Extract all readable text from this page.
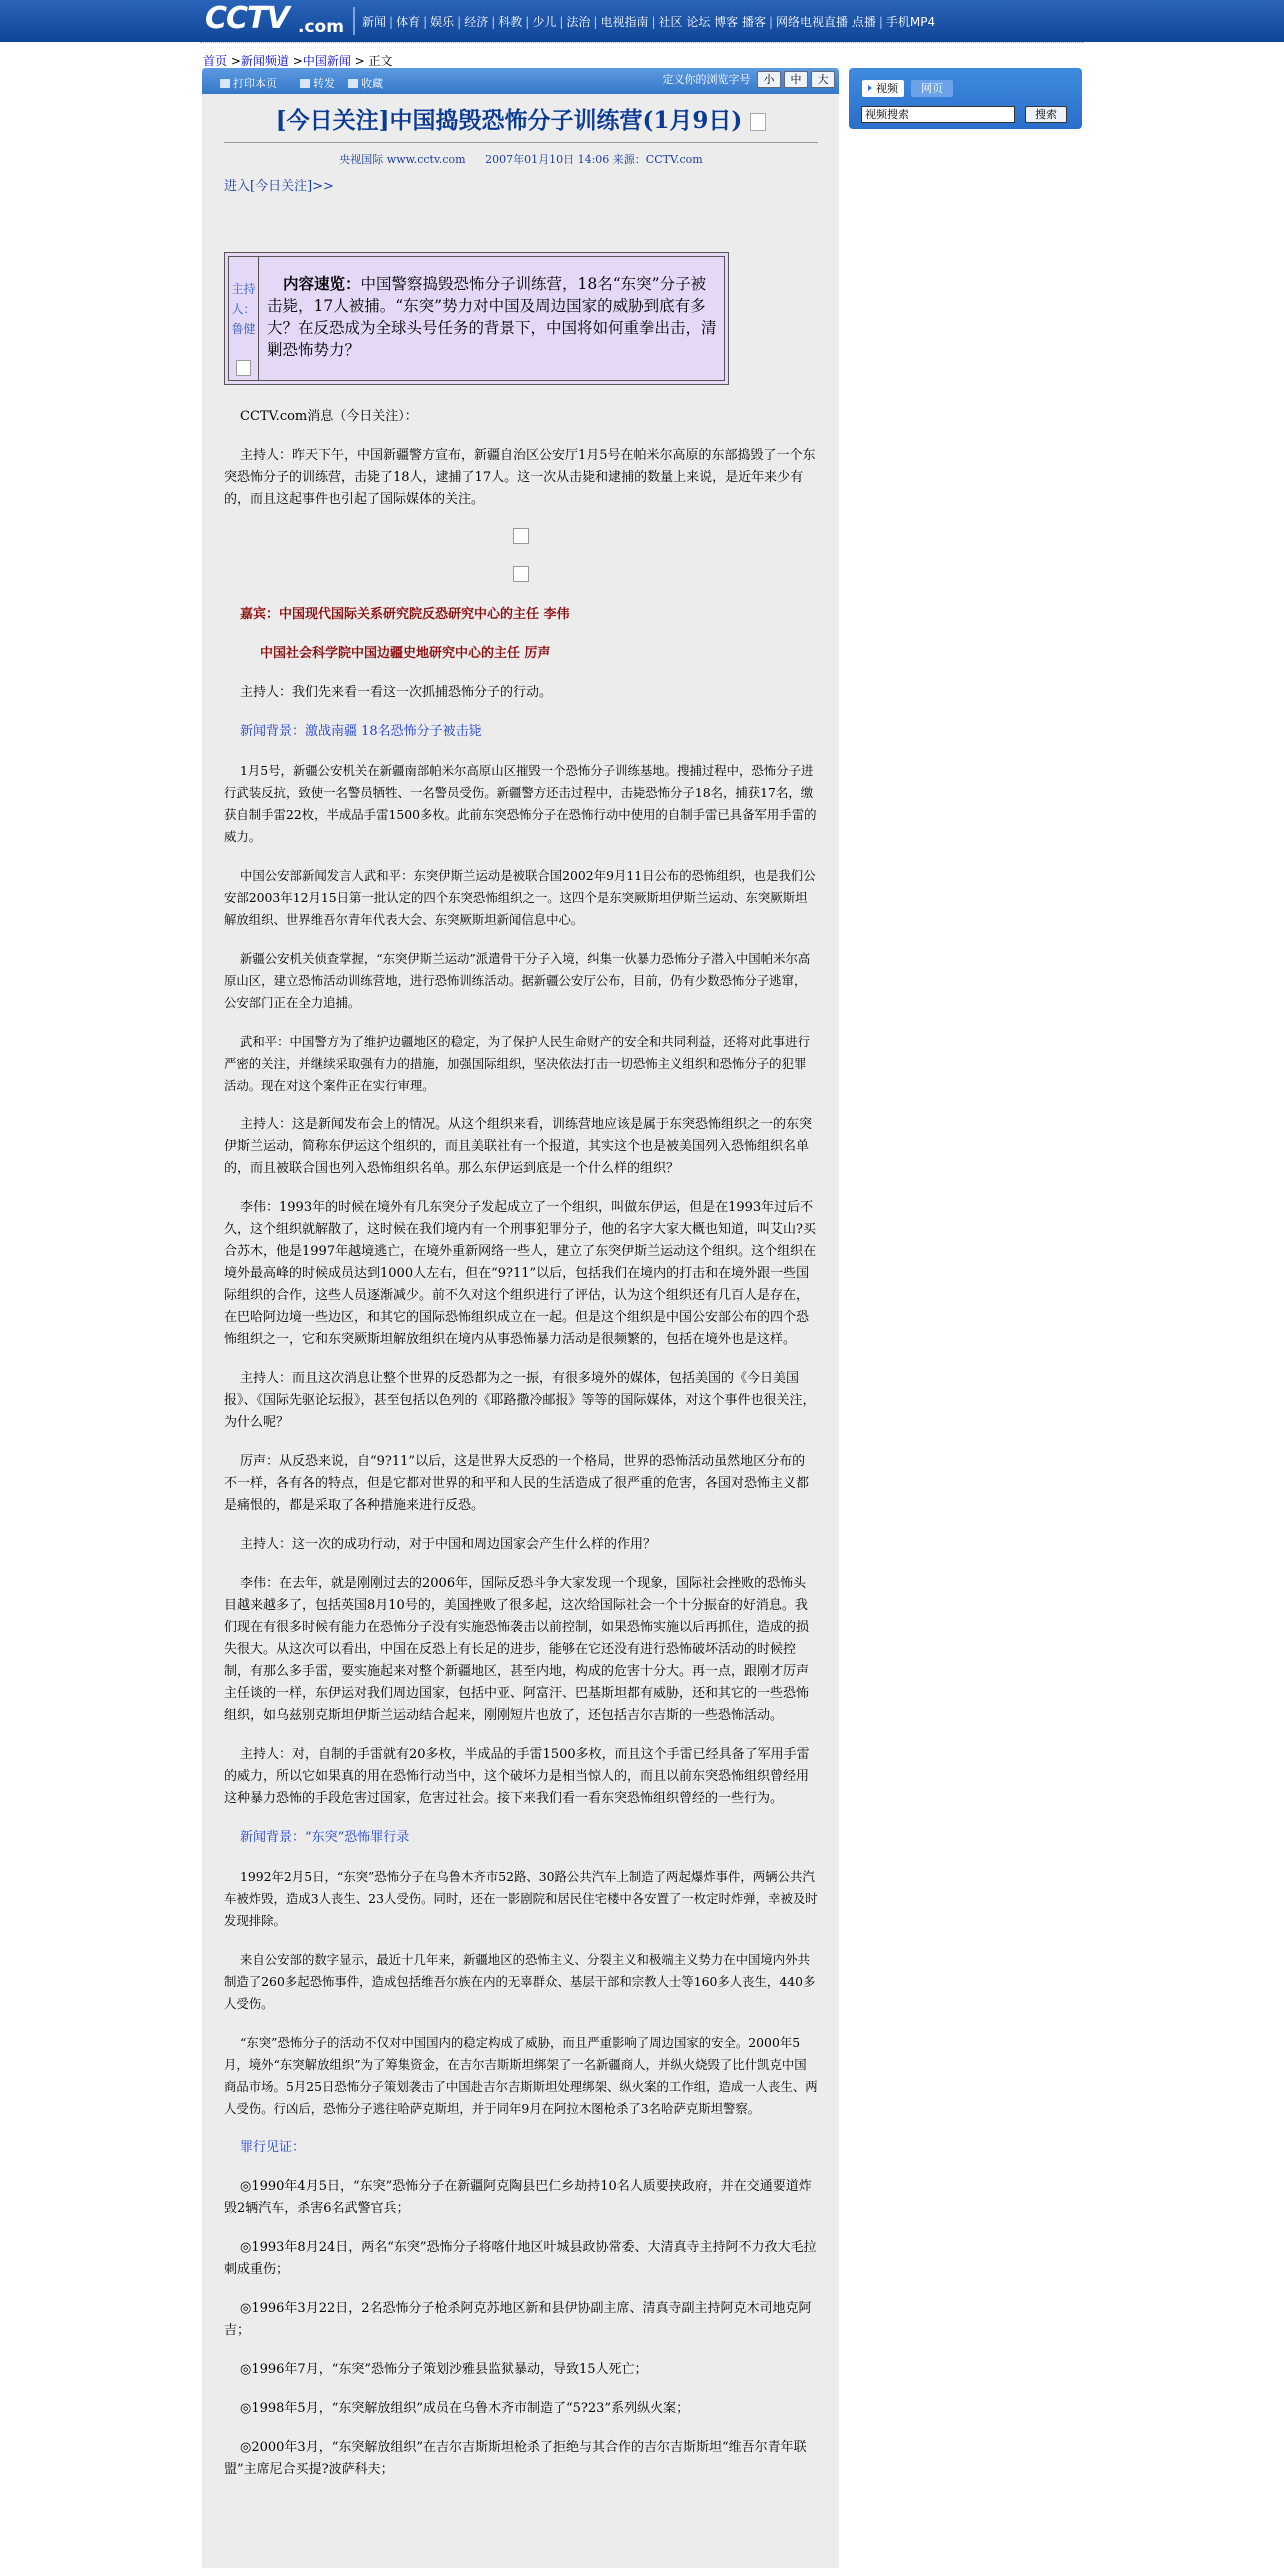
CCTV .com 新闻 | 体育 | 娱乐 | 经济 | 科教 | 少儿 | 法治 | 电视指南 | 社区 论坛 博客 播客 | 网络电视直播 点播 | 手机MP4
首页 >新闻频道 >中国新闻 > 正文
打印本页	转发	收藏	定义你的浏览字号 小 中 大
[今日关注]中国捣毁恐怖分子训练营(1月9日)
央视国际 www.cctv.com 2007年01月10日 14:06 来源：CCTV.com
进入[今日关注]>>
主持
人：
鲁健
内容速览：中国警察捣毁恐怖分子训练营，18名“东突”分子被击毙，17人被捕。“东突”势力对中国及周边国家的威胁到底有多大？在反恐成为全球头号任务的背景下，中国将如何重拳出击，清剿恐怖势力？
CCTV.com消息（今日关注）：
主持人：昨天下午，中国新疆警方宣布，新疆自治区公安厅1月5号在帕米尔高原的东部捣毁了一个东突恐怖分子的训练营，击毙了18人，逮捕了17人。这一次从击毙和逮捕的数量上来说，是近年来少有的，而且这起事件也引起了国际媒体的关注。
嘉宾：中国现代国际关系研究院反恐研究中心的主任 李伟
中国社会科学院中国边疆史地研究中心的主任 厉声
主持人：我们先来看一看这一次抓捕恐怖分子的行动。
新闻背景：激战南疆 18名恐怖分子被击毙
1月5号，新疆公安机关在新疆南部帕米尔高原山区摧毁一个恐怖分子训练基地。搜捕过程中，恐怖分子进行武装反抗，致使一名警员牺牲、一名警员受伤。新疆警方还击过程中，击毙恐怖分子18名，捕获17名，缴获自制手雷22枚，半成品手雷1500多枚。此前东突恐怖分子在恐怖行动中使用的自制手雷已具备军用手雷的威力。
中国公安部新闻发言人武和平：东突伊斯兰运动是被联合国2002年9月11日公布的恐怖组织，也是我们公安部2003年12月15日第一批认定的四个东突恐怖组织之一。这四个是东突厥斯坦伊斯兰运动、东突厥斯坦解放组织、世界维吾尔青年代表大会、东突厥斯坦新闻信息中心。
新疆公安机关侦查掌握，“东突伊斯兰运动”派遣骨干分子入境，纠集一伙暴力恐怖分子潜入中国帕米尔高原山区，建立恐怖活动训练营地，进行恐怖训练活动。据新疆公安厅公布，目前，仍有少数恐怖分子逃窜，公安部门正在全力追捕。
武和平：中国警方为了维护边疆地区的稳定，为了保护人民生命财产的安全和共同利益，还将对此事进行严密的关注，并继续采取强有力的措施，加强国际组织，坚决依法打击一切恐怖主义组织和恐怖分子的犯罪活动。现在对这个案件正在实行审理。
主持人：这是新闻发布会上的情况。从这个组织来看，训练营地应该是属于东突恐怖组织之一的东突伊斯兰运动，简称东伊运这个组织的，而且美联社有一个报道，其实这个也是被美国列入恐怖组织名单的，而且被联合国也列入恐怖组织名单。那么东伊运到底是一个什么样的组织？
李伟：1993年的时候在境外有几东突分子发起成立了一个组织，叫做东伊运，但是在1993年过后不久，这个组织就解散了，这时候在我们境内有一个刑事犯罪分子，他的名字大家大概也知道，叫艾山?买合苏木，他是1997年越境逃亡，在境外重新网络一些人，建立了东突伊斯兰运动这个组织。这个组织在境外最高峰的时候成员达到1000人左右，但在“9?11”以后，包括我们在境内的打击和在境外跟一些国际组织的合作，这些人员逐渐减少。前不久对这个组织进行了评估，认为这个组织还有几百人是存在，在巴哈阿边境一些边区，和其它的国际恐怖组织成立在一起。但是这个组织是中国公安部公布的四个恐怖组织之一，它和东突厥斯坦解放组织在境内从事恐怖暴力活动是很频繁的，包括在境外也是这样。
主持人：而且这次消息让整个世界的反恐都为之一振，有很多境外的媒体，包括美国的《今日美国报》、《国际先驱论坛报》，甚至包括以色列的《耶路撒冷邮报》等等的国际媒体，对这个事件也很关注，为什么呢？
厉声：从反恐来说，自“9?11”以后，这是世界大反恐的一个格局，世界的恐怖活动虽然地区分布的不一样，各有各的特点，但是它都对世界的和平和人民的生活造成了很严重的危害，各国对恐怖主义都是痛恨的，都是采取了各种措施来进行反恐。
主持人：这一次的成功行动，对于中国和周边国家会产生什么样的作用？
李伟：在去年，就是刚刚过去的2006年，国际反恐斗争大家发现一个现象，国际社会挫败的恐怖头目越来越多了，包括英国8月10号的，美国挫败了很多起，这次给国际社会一个十分振奋的好消息。我们现在有很多时候有能力在恐怖分子没有实施恐怖袭击以前控制，如果恐怖实施以后再抓住，造成的损失很大。从这次可以看出，中国在反恐上有长足的进步，能够在它还没有进行恐怖破坏活动的时候控制，有那么多手雷，要实施起来对整个新疆地区，甚至内地，构成的危害十分大。再一点，跟刚才厉声主任谈的一样，东伊运对我们周边国家，包括中亚、阿富汗、巴基斯坦都有威胁，还和其它的一些恐怖组织，如乌兹别克斯坦伊斯兰运动结合起来，刚刚短片也放了，还包括吉尔吉斯的一些恐怖活动。
主持人：对，自制的手雷就有20多枚，半成品的手雷1500多枚，而且这个手雷已经具备了军用手雷的威力，所以它如果真的用在恐怖行动当中，这个破坏力是相当惊人的，而且以前东突恐怖组织曾经用这种暴力恐怖的手段危害过国家，危害过社会。接下来我们看一看东突恐怖组织曾经的一些行为。
新闻背景：“东突”恐怖罪行录
1992年2月5日，“东突”恐怖分子在乌鲁木齐市52路、30路公共汽车上制造了两起爆炸事件，两辆公共汽车被炸毁，造成3人丧生、23人受伤。同时，还在一影剧院和居民住宅楼中各安置了一枚定时炸弹，幸被及时发现排除。
来自公安部的数字显示，最近十几年来，新疆地区的恐怖主义、分裂主义和极端主义势力在中国境内外共制造了260多起恐怖事件，造成包括维吾尔族在内的无辜群众、基层干部和宗教人士等160多人丧生，440多人受伤。
“东突”恐怖分子的活动不仅对中国国内的稳定构成了威胁，而且严重影响了周边国家的安全。2000年5月，境外“东突解放组织”为了筹集资金，在吉尔吉斯斯坦绑架了一名新疆商人，并纵火烧毁了比什凯克中国商品市场。5月25日恐怖分子策划袭击了中国赴吉尔吉斯斯坦处理绑架、纵火案的工作组，造成一人丧生、两人受伤。行凶后，恐怖分子逃往哈萨克斯坦，并于同年9月在阿拉木图枪杀了3名哈萨克斯坦警察。
罪行见证：
◎1990年4月5日，“东突”恐怖分子在新疆阿克陶县巴仁乡劫持10名人质要挟政府，并在交通要道炸毁2辆汽车，杀害6名武警官兵；
◎1993年8月24日，两名“东突”恐怖分子将喀什地区叶城县政协常委、大清真寺主持阿不力孜大毛拉刺成重伤；
◎1996年3月22日，2名恐怖分子枪杀阿克苏地区新和县伊协副主席、清真寺副主持阿克木司地克阿吉；
◎1996年7月，“东突”恐怖分子策划沙雅县监狱暴动，导致15人死亡；
◎1998年5月，“东突解放组织”成员在乌鲁木齐市制造了“5?23”系列纵火案；
◎2000年3月，“东突解放组织”在吉尔吉斯斯坦枪杀了拒绝与其合作的吉尔吉斯斯坦“维吾尔青年联盟”主席尼合买提?波萨科夫；
视频	网页
视频搜索	搜索
